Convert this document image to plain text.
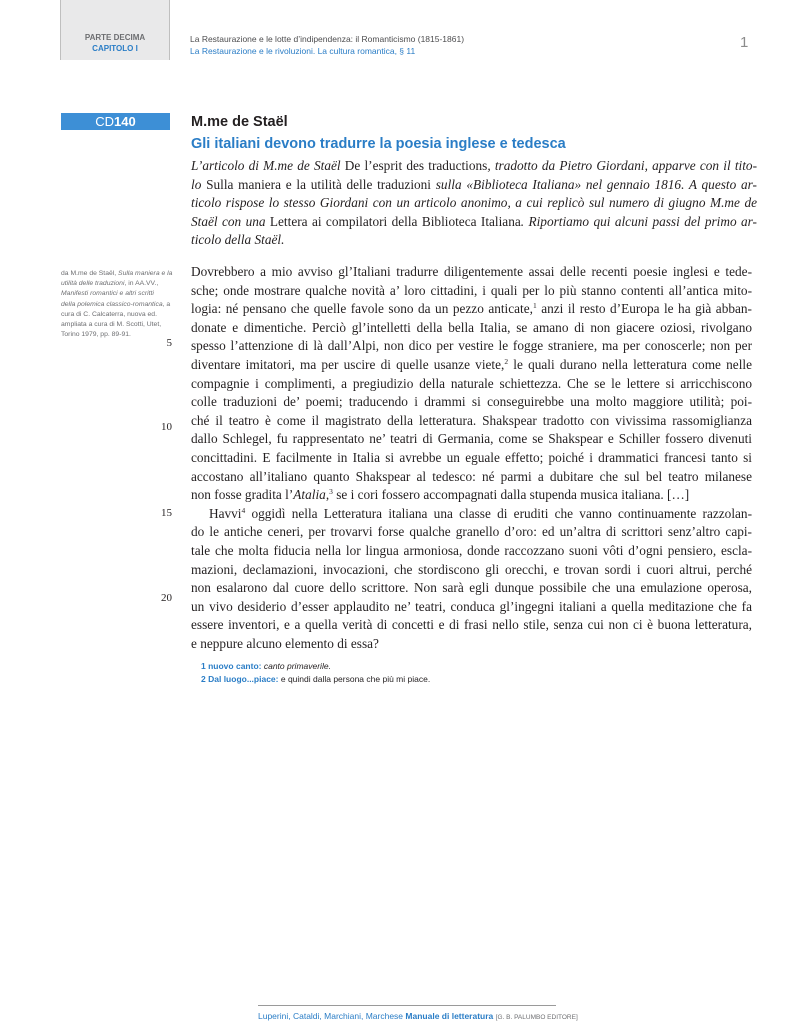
PARTE DECIMA
CAPITOLO I
La Restaurazione e le lotte d’indipendenza: il Romanticismo (1815-1861)
La Restaurazione e le rivoluzioni. La cultura romantica, § 11	1
CD140	M.me de Staël
Gli italiani devono tradurre la poesia inglese e tedesca
L’articolo di M.me de Staël De l’esprit des traductions, tradotto da Pietro Giordani, apparve con il tito-
lo Sulla maniera e la utilità delle traduzioni sulla «Biblioteca Italiana» nel gennaio 1816. A questo ar-
ticolo rispose lo stesso Giordani con un articolo anonimo, a cui replicò sul numero di giugno M.me de
Staël con una Lettera ai compilatori della Biblioteca Italiana. Riportiamo qui alcuni passi del primo ar-
ticolo della Staël.
da M.me de Staël, Sulla maniera e la
utilità delle traduzioni, in AA.VV.,
Manifesti romantici e altri scritti
della polemica classico-romantica, a
cura di C. Calcaterra, nuova ed.
ampliata a cura di M. Scotti, Utet,
Torino 1979, pp. 89-91.
5
10
15
20
Dovrebbero a mio avviso gl’Italiani tradurre diligentemente assai delle recenti poesie inglesi e tede-
sche; onde mostrare qualche novità a’ loro cittadini, i quali per lo più stanno contenti all’antica mito-
logia: né pensano che quelle favole sono da un pezzo anticate,$^1$ anzi il resto d’Europa le ha già abban-
donate e dimentiche. Perciò gl’intelletti della bella Italia, se amano di non giacere oziosi, rivolgano
spesso l’attenzione di là dall’Alpi, non dico per vestire le fogge straniere, ma per conoscerle; non per
diventare imitatori, ma per uscire di quelle usanze viete,$^2$ le quali durano nella letteratura come nelle
compagnie i complimenti, a pregiudizio della naturale schiettezza. Che se le lettere si arricchiscono
colle traduzioni de’ poemi; traducendo i drammi si conseguirebbe una molto maggiore utilità; poi-
ché il teatro è come il magistrato della letteratura. Shakspear tradotto con vivissima rassomiglianza
dallo Schlegel, fu rappresentato ne’ teatri di Germania, come se Shakspear e Schiller fossero divenuti
concittadini. E facilmente in Italia si avrebbe un eguale effetto; poiché i drammatici francesi tanto si
accostano all’italiano quanto Shakspear al tedesco: né parmi a dubitare che sul bel teatro milanese
non fosse gradita l’Atalia,$^3$ se i cori fossero accompagnati dalla stupenda musica italiana. […]
Havvi$^4$ oggidì nella Letteratura italiana una classe di eruditi che vanno continuamente razzolan-
do le antiche ceneri, per trovarvi forse qualche granello d’oro: ed un’altra di scrittori senz’altro capi-
tale che molta fiducia nella lor lingua armoniosa, donde raccozzano suoni vôti d’ogni pensiero, escla-
mazioni, declamazioni, invocazioni, che stordiscono gli orecchi, e trovan sordi i cuori altrui, perché
non esalarono dal cuore dello scrittore. Non sarà egli dunque possibile che una emulazione operosa,
un vivo desiderio d’esser applaudito ne’ teatri, conduca gl’ingegni italiani a quella meditazione che fa
essere inventori, e a quella verità di concetti e di frasi nello stile, senza cui non ci è buona letteratura,
e neppure alcuno elemento di essa?
1 nuovo canto: canto primaverile.
2 Dal luogo...piace: e quindi dalla persona che più mi piace.
Luperini, Cataldi, Marchiani, Marchese Manuale di letteratura [G. B. PALUMBO EDITORE]
